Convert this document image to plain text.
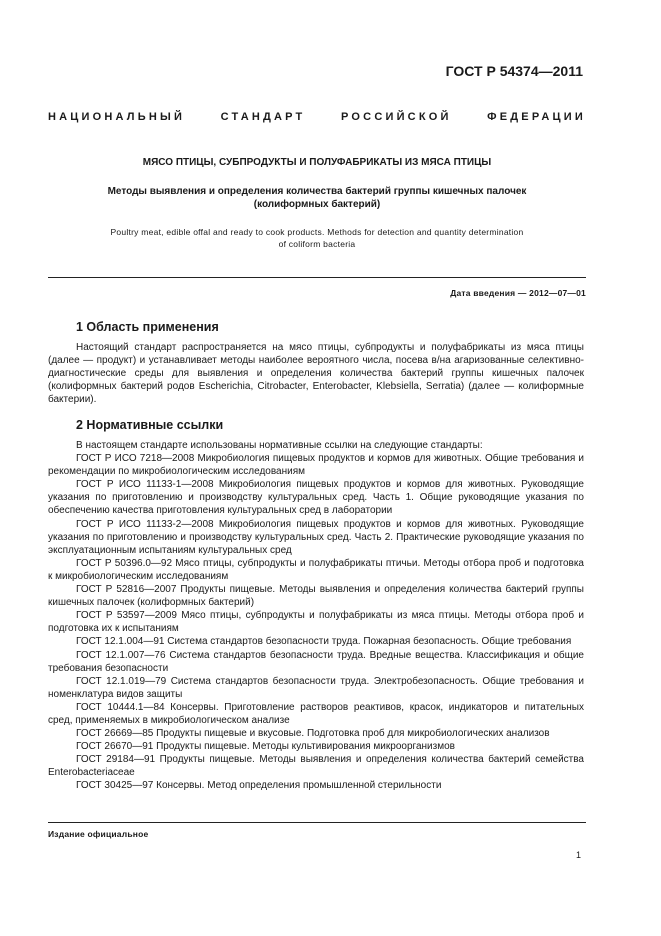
ГОСТ Р 54374—2011
НАЦИОНАЛЬНЫЙ СТАНДАРТ РОССИЙСКОЙ ФЕДЕРАЦИИ
МЯСО ПТИЦЫ, СУБПРОДУКТЫ И ПОЛУФАБРИКАТЫ ИЗ МЯСА ПТИЦЫ
Методы выявления и определения количества бактерий группы кишечных палочек
(колиформных бактерий)
Poultry meat, edible offal and ready to cook products. Methods for detection and quantity determination
of coliform bacteria
Дата введения — 2012—07—01
1 Область применения
Настоящий стандарт распространяется на мясо птицы, субпродукты и полуфабрикаты из мяса птицы (далее — продукт) и устанавливает методы наиболее вероятного числа, посева в/на агаризованные селективно-диагностические среды для выявления и определения количества бактерий группы кишечных палочек (колиформных бактерий родов Escherichia, Citrobacter, Enterobacter, Klebsiella, Serratia) (далее — колиформные бактерии).
2 Нормативные ссылки

В настоящем стандарте использованы нормативные ссылки на следующие стандарты:

ГОСТ Р ИСО 7218—2008 Микробиология пищевых продуктов и кормов для животных. Общие требования и рекомендации по микробиологическим исследованиям

ГОСТ Р ИСО 11133-1—2008 Микробиология пищевых продуктов и кормов для животных. Руководящие указания по приготовлению и производству культуральных сред. Часть 1. Общие руководящие указания по обеспечению качества приготовления культуральных сред в лаборатории

ГОСТ Р ИСО 11133-2—2008 Микробиология пищевых продуктов и кормов для животных. Руководящие указания по приготовлению и производству культуральных сред. Часть 2. Практические руководящие указания по эксплуатационным испытаниям культуральных сред

ГОСТ Р 50396.0—92 Мясо птицы, субпродукты и полуфабрикаты птичьи. Методы отбора проб и подготовка к микробиологическим исследованиям

ГОСТ Р 52816—2007 Продукты пищевые. Методы выявления и определения количества бактерий группы кишечных палочек (колиформных бактерий)

ГОСТ Р 53597—2009 Мясо птицы, субпродукты и полуфабрикаты из мяса птицы. Методы отбора проб и подготовка их к испытаниям

ГОСТ 12.1.004—91 Система стандартов безопасности труда. Пожарная безопасность. Общие требования

ГОСТ 12.1.007—76 Система стандартов безопасности труда. Вредные вещества. Классификация и общие требования безопасности

ГОСТ 12.1.019—79 Система стандартов безопасности труда. Электробезопасность. Общие требования и номенклатура видов защиты

ГОСТ 10444.1—84 Консервы. Приготовление растворов реактивов, красок, индикаторов и питательных сред, применяемых в микробиологическом анализе

ГОСТ 26669—85 Продукты пищевые и вкусовые. Подготовка проб для микробиологических анализов

ГОСТ 26670—91 Продукты пищевые. Методы культивирования микроорганизмов

ГОСТ 29184—91 Продукты пищевые. Методы выявления и определения количества бактерий семейства Enterobacteriaceae

ГОСТ 30425—97 Консервы. Метод определения промышленной стерильности

Издание официальное
1
